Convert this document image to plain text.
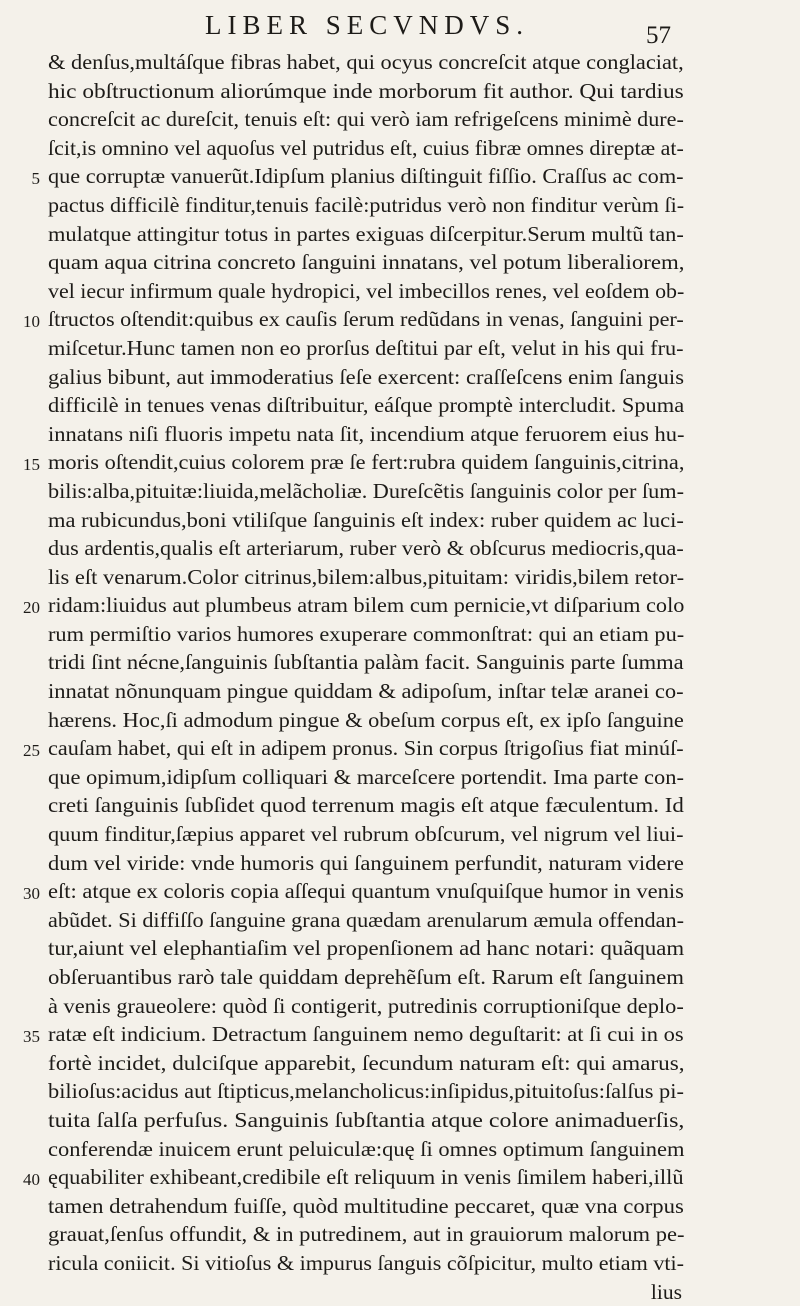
LIBER SECVNDVS.	57
& denſus,multáſque fibras habet, qui ocyus concreſcit atque conglaciat,
hic obſtructionum aliorúmque inde morborum fit author. Qui tardius
concreſcit ac dureſcit, tenuis eſt: qui verò iam refrigeſcens minimè dure-
ſcit,is omnino vel aquoſus vel putridus eſt, cuius fibræ omnes direptæ at-
5 que corruptæ vanuerũt.Idipſum planius diſtinguit fiſſio. Craſſus ac com-
pactus difficilè finditur,tenuis facilè:putridus verò non finditur verùm ſi-
mulatque attingitur totus in partes exiguas diſcerpitur.Serum multũ tan-
quam aqua citrina concreto ſanguini innatans, vel potum liberaliorem,
vel iecur infirmum quale hydropici, vel imbecillos renes, vel eoſdem ob-
10 ſtructos oſtendit:quibus ex cauſis ſerum redũdans in venas, ſanguini per-
miſcetur.Hunc tamen non eo prorſus deſtitui par eſt, velut in his qui fru-
galius bibunt, aut immoderatius ſeſe exercent: craſſeſcens enim ſanguis
difficilè in tenues venas diſtribuitur, eáſque promptè intercludit. Spuma
innatans niſi fluoris impetu nata ſit, incendium atque feruorem eius hu-
15 moris oſtendit,cuius colorem præ ſe fert:rubra quidem ſanguinis,citrina,
bilis:alba,pituitæ:liuida,melãcholiæ. Dureſcẽtis ſanguinis color per ſum-
ma rubicundus,boni vtiliſque ſanguinis eſt index: ruber quidem ac luci-
dus ardentis,qualis eſt arteriarum, ruber verò & obſcurus mediocris,qua-
lis eſt venarum.Color citrinus,bilem:albus,pituitam: viridis,bilem retor-
20 ridam:liuidus aut plumbeus atram bilem cum pernicie,vt diſparium colo
rum permiſtio varios humores exuperare commonſtrat: qui an etiam pu-
tridi ſint nécne,ſanguinis ſubſtantia palàm facit. Sanguinis parte ſumma
innatat nõnunquam pingue quiddam & adipoſum, inſtar telæ aranei co-
hærens. Hoc,ſi admodum pingue & obeſum corpus eſt, ex ipſo ſanguine
25 cauſam habet, qui eſt in adipem pronus. Sin corpus ſtrigoſius fiat minúſ-
que opimum,idipſum colliquari & marceſcere portendit. Ima parte con-
creti ſanguinis ſubſidet quod terrenum magis eſt atque fæculentum. Id
quum finditur,ſæpius apparet vel rubrum obſcurum, vel nigrum vel liui-
dum vel viride: vnde humoris qui ſanguinem perfundit, naturam videre
30 eſt: atque ex coloris copia aſſequi quantum vnuſquiſque humor in venis
abũdet. Si diffiſſo ſanguine grana quædam arenularum æmula offendan-
tur,aiunt vel elephantiaſim vel propenſionem ad hanc notari: quãquam
obſeruantibus rarò tale quiddam deprehẽſum eſt. Rarum eſt ſanguinem
à venis graueolere: quòd ſi contigerit, putredinis corruptioniſque deplo-
35 ratæ eſt indicium. Detractum ſanguinem nemo deguſtarit: at ſi cui in os
fortè incidet, dulciſque apparebit, ſecundum naturam eſt: qui amarus,
bilioſus:acidus aut ſtipticus,melancholicus:inſipidus,pituitoſus:ſalſus pi-
tuita ſalſa perfuſus. Sanguinis ſubſtantia atque colore animaduerſis,
conferendæ inuicem erunt peluiculæ:quę ſi omnes optimum ſanguinem
40 ęquabiliter exhibeant,credibile eſt reliquum in venis ſimilem haberi,illũ
tamen detrahendum fuiſſe, quòd multitudine peccaret, quæ vna corpus
grauat,ſenſus offundit, & in putredinem, aut in grauiorum malorum pe-
ricula coniicit. Si vitioſus & impurus ſanguis cõſpicitur, multo etiam vti-
lius
